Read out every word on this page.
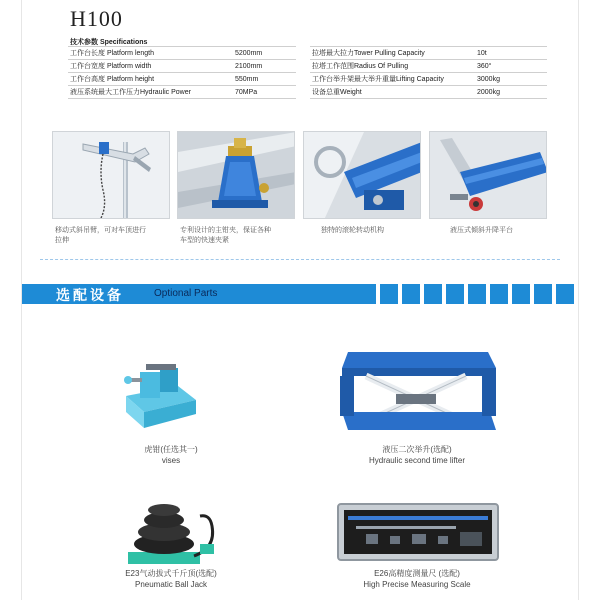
H100
技术参数 Specifications
工作台长度 Platform length	5200mm
工作台宽度 Platform width	2100mm
工作台高度 Platform height	550mm
液压系统最大工作压力Hydraulic Power	70MPa
拉塔最大拉力Tower Pulling Capacity	10t
拉塔工作范围Radius Of Pulling	360°
工作台举升架最大举升重量Lifting Capacity	3000kg
设备总重Weight	2000kg
移动式斜吊臂，可对车顶进行
拉伸
专利设计的主钳夹，保证各种
车型的快速夹紧
独特的滚轮转动机构	液压式倾斜升降平台
选配设备	Optional Parts
虎钳(任选其一)
vises
液压二次举升(选配)
Hydraulic second time lifter
E23气动拔式千斤顶(选配)
Pneumatic Ball Jack
E26高精度测量尺 (选配)
High Precise Measuring Scale
